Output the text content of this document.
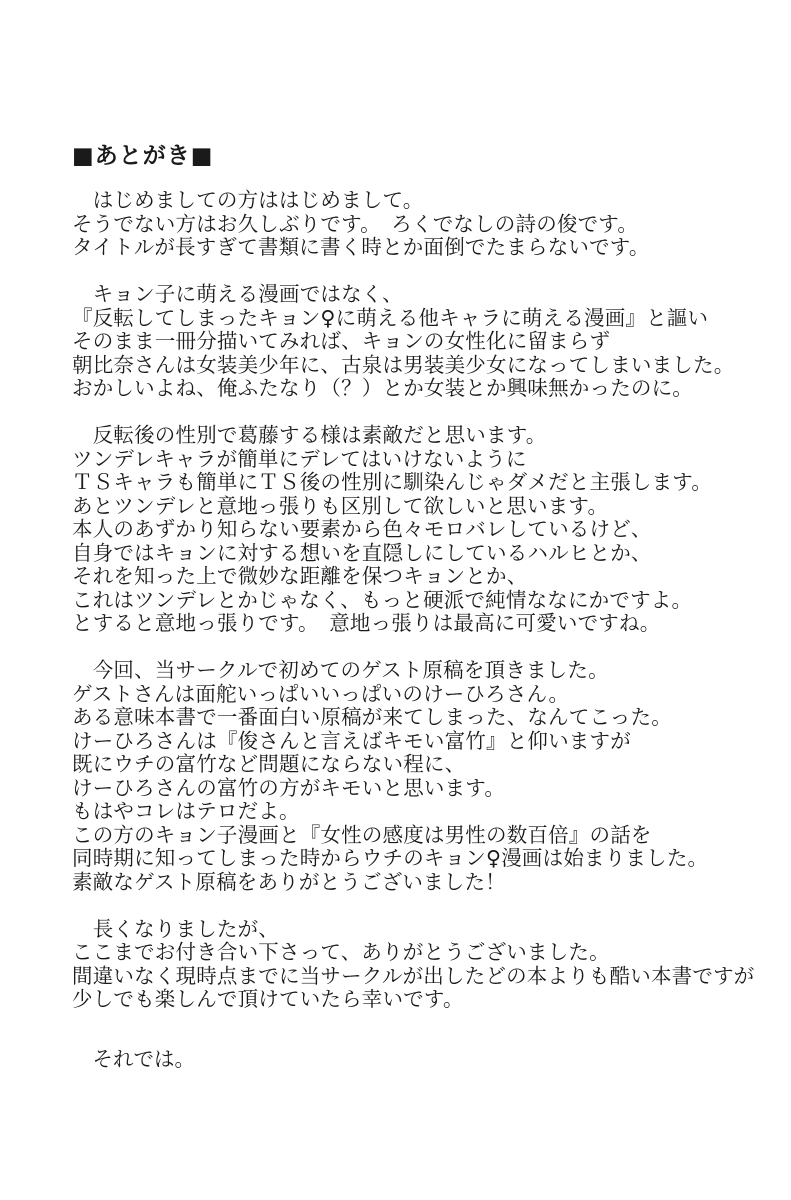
■あとがき■
　はじめましての方ははじめまして。
そうでない方はお久しぶりです。　ろくでなしの詩の俊です。
タイトルが長すぎて書類に書く時とか面倒でたまらないです。
　キョン子に萌える漫画ではなく、
『反転してしまったキョン♀に萌える他キャラに萌える漫画』と謳い
そのまま一冊分描いてみれば、キョンの女性化に留まらず
朝比奈さんは女装美少年に、古泉は男装美少女になってしまいました。
おかしいよね、俺ふたなり（？）とか女装とか興味無かったのに。
　反転後の性別で葛藤する様は素敵だと思います。
ツンデレキャラが簡単にデレてはいけないように
ＴＳキャラも簡単にＴＳ後の性別に馴染んじゃダメだと主張します。
あとツンデレと意地っ張りも区別して欲しいと思います。
本人のあずかり知らない要素から色々モロバレしているけど、
自身ではキョンに対する想いを直隠しにしているハルヒとか、
それを知った上で微妙な距離を保つキョンとか、
これはツンデレとかじゃなく、もっと硬派で純情ななにかですよ。
とすると意地っ張りです。　意地っ張りは最高に可愛いですね。
　今回、当サークルで初めてのゲスト原稿を頂きました。
ゲストさんは面舵いっぱいいっぱいのけーひろさん。
ある意味本書で一番面白い原稿が来てしまった、なんてこった。
けーひろさんは『俊さんと言えばキモい富竹』と仰いますが
既にウチの富竹など問題にならない程に、
けーひろさんの富竹の方がキモいと思います。
もはやコレはテロだよ。
この方のキョン子漫画と『女性の感度は男性の数百倍』の話を
同時期に知ってしまった時からウチのキョン♀漫画は始まりました。
素敵なゲスト原稿をありがとうございました！
　長くなりましたが、
ここまでお付き合い下さって、ありがとうございました。
間違いなく現時点までに当サークルが出したどの本よりも酷い本書ですが
少しでも楽しんで頂けていたら幸いです。
　それでは。
